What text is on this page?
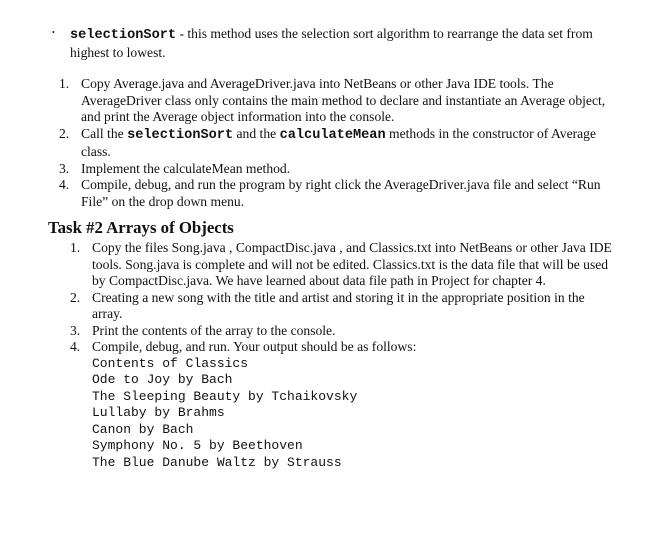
• selectionSort - this method uses the selection sort algorithm to rearrange the data set from highest to lowest.
1. Copy Average.java and AverageDriver.java into NetBeans or other Java IDE tools. The AverageDriver class only contains the main method to declare and instantiate an Average object, and print the Average object information into the console.
2. Call the selectionSort and the calculateMean methods in the constructor of Average class.
3. Implement the calculateMean method.
4. Compile, debug, and run the program by right click the AverageDriver.java file and select “Run File” on the drop down menu.
Task #2 Arrays of Objects
1. Copy the files Song.java , CompactDisc.java , and Classics.txt into NetBeans or other Java IDE tools. Song.java is complete and will not be edited. Classics.txt is the data file that will be used by CompactDisc.java. We have learned about data file path in Project for chapter 4.
2. Creating a new song with the title and artist and storing it in the appropriate position in the array.
3. Print the contents of the array to the console.
4. Compile, debug, and run. Your output should be as follows:
Contents of Classics
Ode to Joy by Bach
The Sleeping Beauty by Tchaikovsky
Lullaby by Brahms
Canon by Bach
Symphony No. 5 by Beethoven
The Blue Danube Waltz by Strauss
